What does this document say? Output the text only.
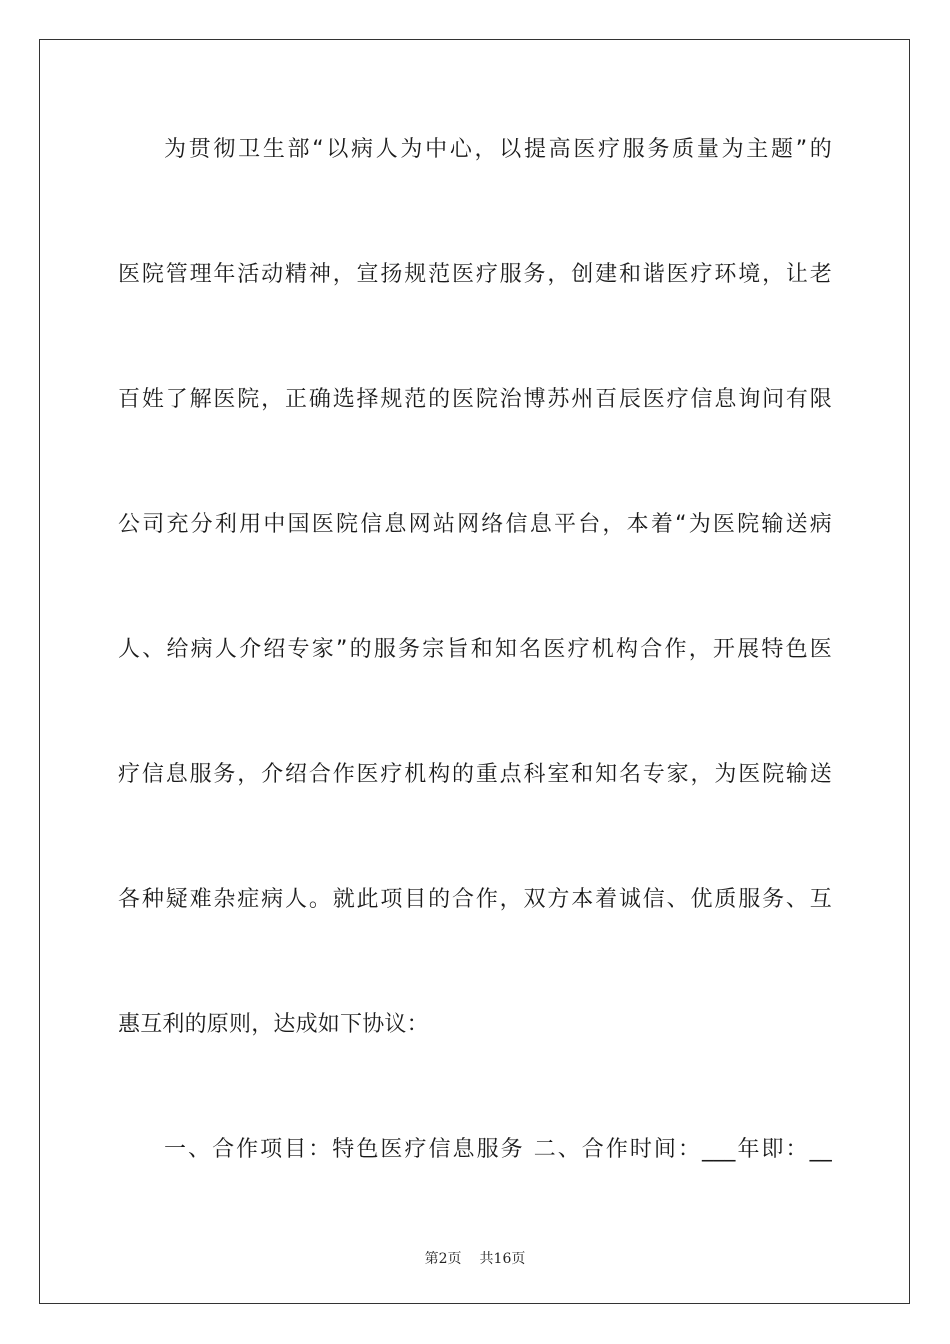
为贯彻卫生部“以病人为中心，以提高医疗服务质量为主题”的
医院管理年活动精神，宣扬规范医疗服务，创建和谐医疗环境，让老
百姓了解医院，正确选择规范的医院治博苏州百辰医疗信息询问有限
公司充分利用中国医院信息网站网络信息平台，本着“为医院输送病
人、给病人介绍专家”的服务宗旨和知名医疗机构合作，开展特色医
疗信息服务，介绍合作医疗机构的重点科室和知名专家，为医院输送
各种疑难杂症病人。就此项目的合作，双方本着诚信、优质服务、互
惠互利的原则，达成如下协议：
一、合作项目：特色医疗信息服务 二、合作时间：___年即：__
第2页 共16页
